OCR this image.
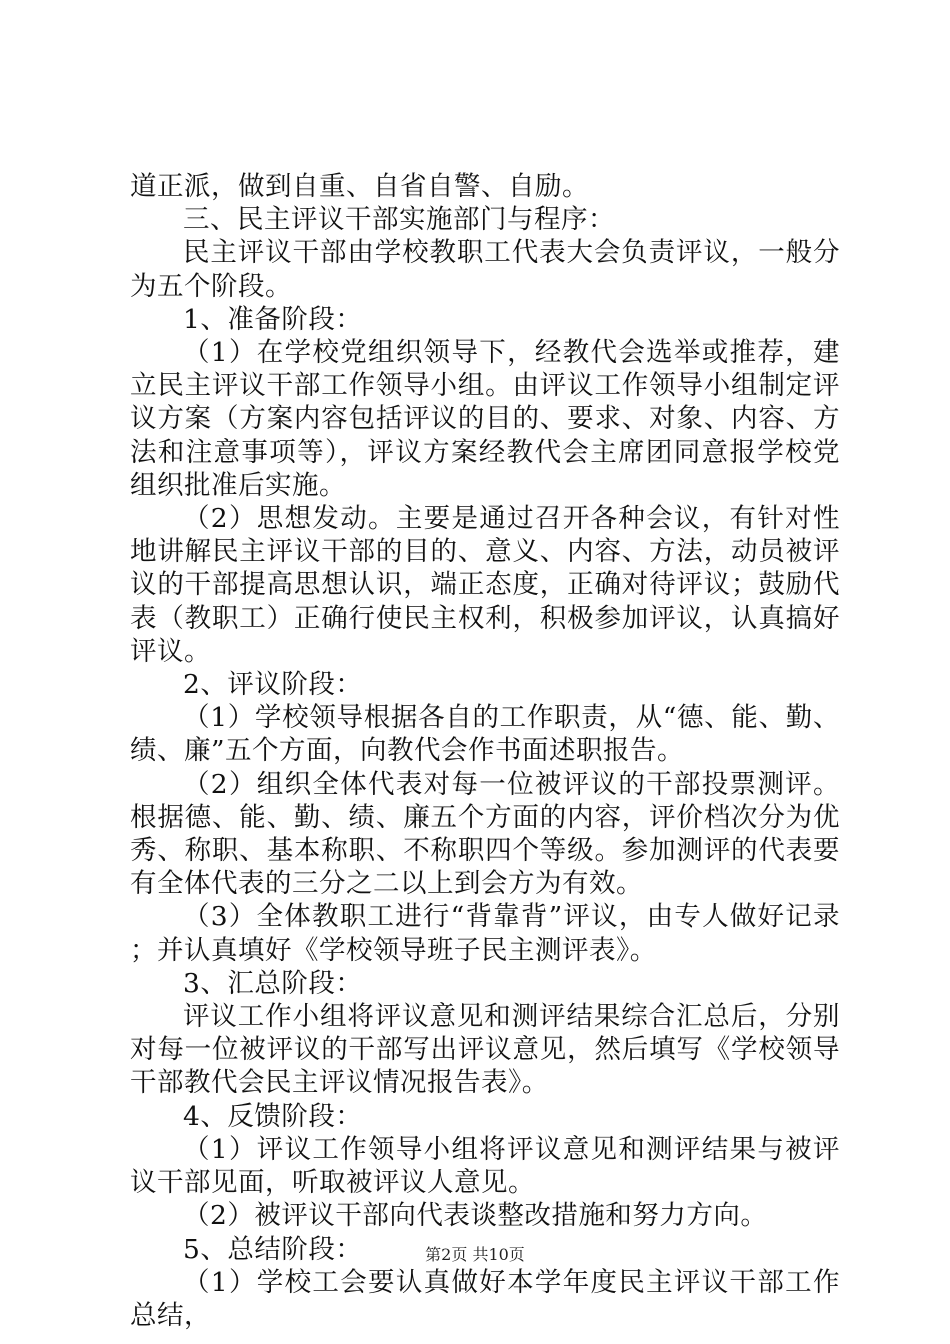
道正派，做到自重、自省自警、自励。

三、民主评议干部实施部门与程序：

民主评议干部由学校教职工代表大会负责评议，一般分为五个阶段。

1、准备阶段：

（1）在学校党组织领导下，经教代会选举或推荐，建立民主评议干部工作领导小组。由评议工作领导小组制定评议方案（方案内容包括评议的目的、要求、对象、内容、方法和注意事项等），评议方案经教代会主席团同意报学校党组织批准后实施。

（2）思想发动。主要是通过召开各种会议，有针对性地讲解民主评议干部的目的、意义、内容、方法，动员被评议的干部提高思想认识，端正态度，正确对待评议；鼓励代表（教职工）正确行使民主权利，积极参加评议，认真搞好评议。

2、评议阶段：

（1）学校领导根据各自的工作职责，从“德、能、勤、绩、廉”五个方面，向教代会作书面述职报告。

（2）组织全体代表对每一位被评议的干部投票测评。根据德、能、勤、绩、廉五个方面的内容，评价档次分为优秀、称职、基本称职、不称职四个等级。参加测评的代表要有全体代表的三分之二以上到会方为有效。

（3）全体教职工进行“背靠背”评议，由专人做好记录；并认真填好《学校领导班子民主测评表》。

3、汇总阶段：

评议工作小组将评议意见和测评结果综合汇总后，分别对每一位被评议的干部写出评议意见，然后填写《学校领导干部教代会民主评议情况报告表》。

4、反馈阶段：

（1）评议工作领导小组将评议意见和测评结果与被评议干部见面，听取被评议人意见。

（2）被评议干部向代表谈整改措施和努力方向。

5、总结阶段：

（1）学校工会要认真做好本学年度民主评议干部工作总结，

第2页 共10页
